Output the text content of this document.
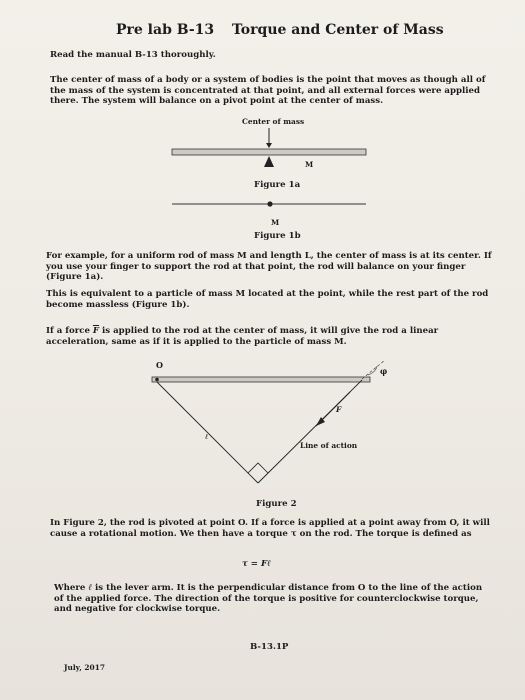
Pre lab B-13 Torque and Center of Mass
Read the manual B-13 thoroughly.
The center of mass of a body or a system of bodies is the point that moves as though all of the mass of the system is concentrated at that point, and all external forces were applied there. The system will balance on a pivot point at the center of mass.
Center of mass
M
Figure 1a
M
Figure 1b
For example, for a uniform rod of mass M and length L, the center of mass is at its center. If you use your finger to support the rod at that point, the rod will balance on your finger (Figure 1a).
This is equivalent to a particle of mass M located at the point, while the rest part of the rod become massless (Figure 1b).
If a force $\overline{F}$ is applied to the rod at the center of mass, it will give the rod a linear acceleration, same as if it is applied to the particle of mass M.
O
φ
F
ℓ
Line of action
Figure 2
In Figure 2, the rod is pivoted at point O. If a force is applied at a point away from O, it will cause a rotational motion. We then have a torque τ on the rod. The torque is defined as
τ = Fℓ
Where ℓ is the lever arm. It is the perpendicular distance from O to the line of the action of the applied force. The direction of the torque is positive for counterclockwise torque, and negative for clockwise torque.
B-13.1P
July, 2017
